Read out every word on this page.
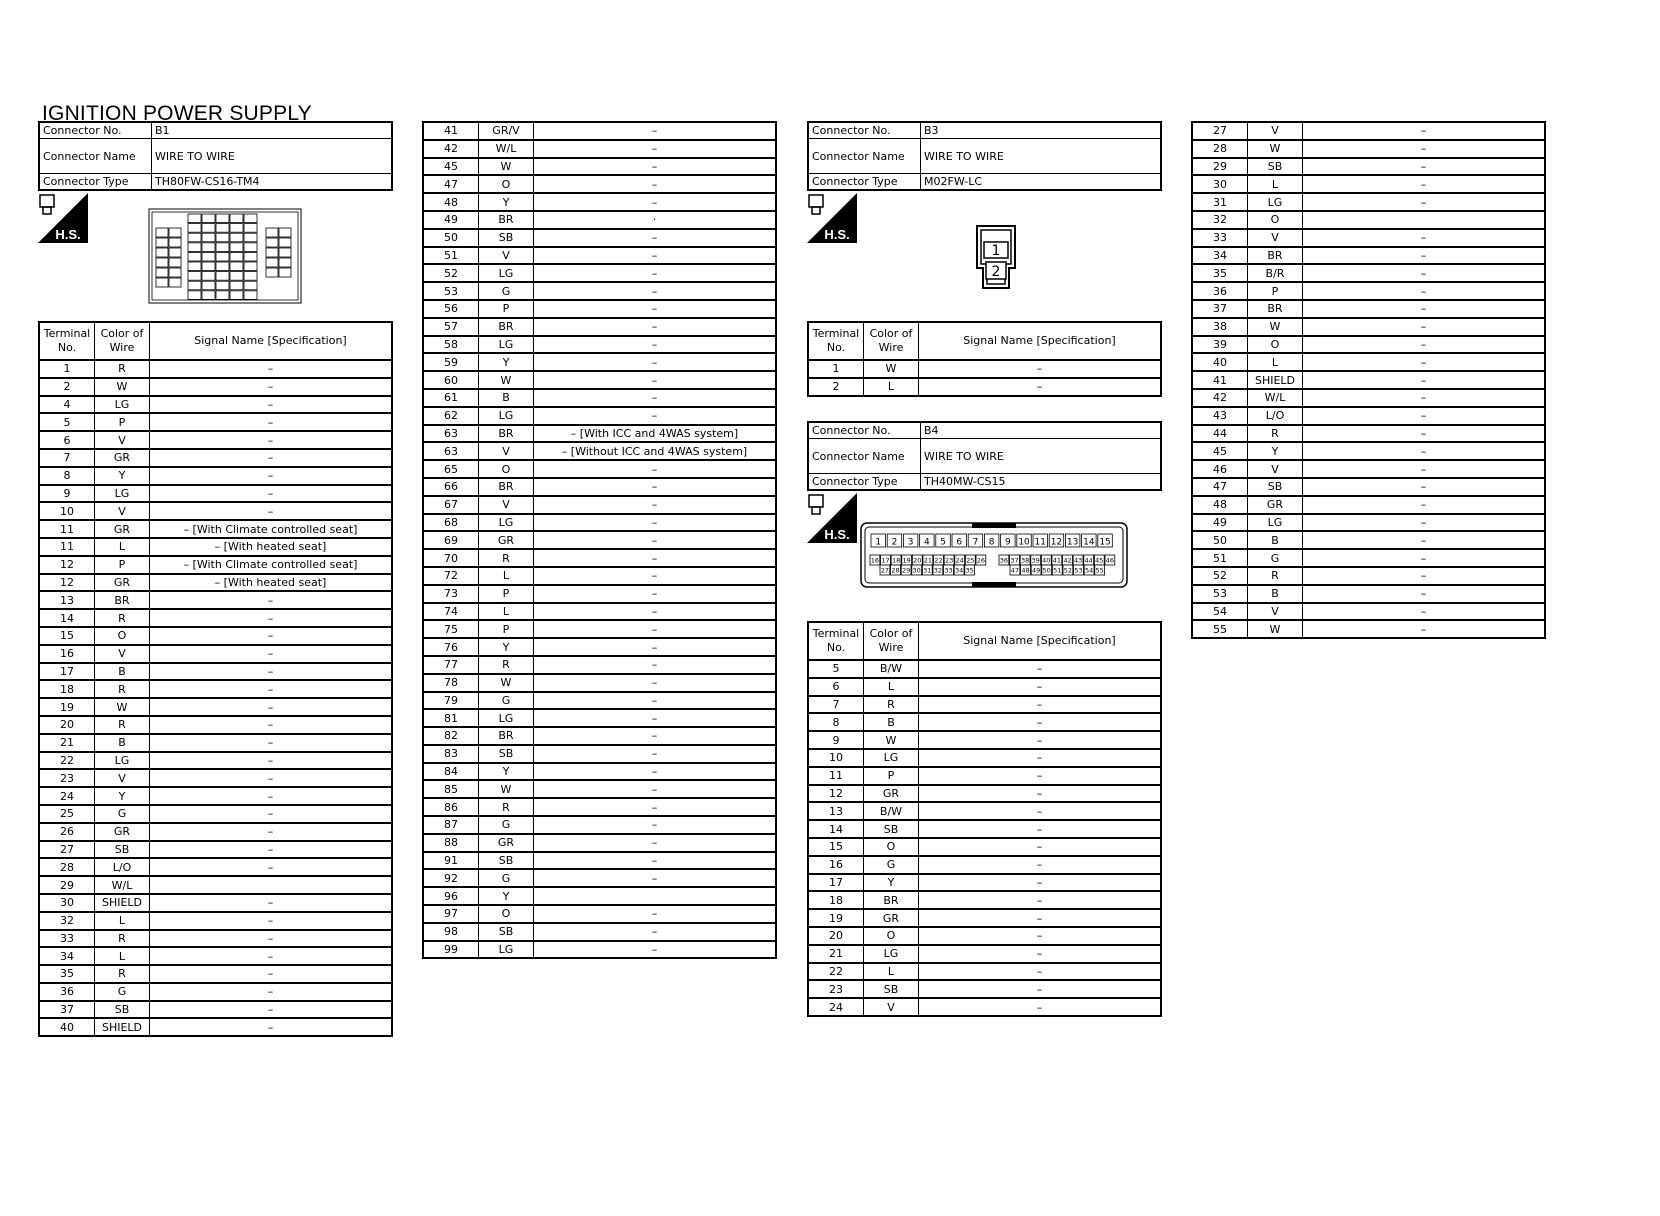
IGNITION POWER SUPPLY
Connector No.	B1
Connector Name	WIRE TO WIRE
Connector Type	TH80FW-CS16-TM4
Connector No.	B3
Connector Name	WIRE TO WIRE
Connector Type	M02FW-LC
Connector No.	B4
Connector Name	WIRE TO WIRE
Connector Type	TH40MW-CS15
H.S.	H.S.
H.S.
1
2
1 2 3 4 5 6 7 8 9 10 11 12 13 14 15
16 17 18 19 20 21 22 23 24 25 26 36 37 38 39 40 41 42 43 44 45 46
27 28 29 30 31 32 33 34 35	47 48 49 50 51 52 53 54 55
Terminal No.	Color of Wire	Signal Name [Specification]
1	R	–
2	W	–
4	LG	–
5	P	–
6	V	–
7	GR	–
8	Y	–
9	LG	–
10	V	–
11	GR	– [With Climate controlled seat]
11	L	– [With heated seat]
12	P	– [With Climate controlled seat]
12	GR	– [With heated seat]
13	BR	–
14	R	–
15	O	–
16	V	–
17	B	–
18	R	–
19	W	–
20	R	–
21	B	–
22	LG	–
23	V	–
24	Y	–
25	G	–
26	GR	–
27	SB	–
28	L/O	–
29	W/L	
30	SHIELD	–
32	L	–
33	R	–
34	L	–
35	R	–
36	G	–
37	SB	–
40	SHIELD	–
41	GR/V	–
42	W/L	–
45	W	–
47	O	–
48	Y	–
49	BR	·
50	SB	–
51	V	–
52	LG	–
53	G	–
56	P	–
57	BR	–
58	LG	–
59	Y	–
60	W	–
61	B	–
62	LG	–
63	BR	– [With ICC and 4WAS system]
63	V	– [Without ICC and 4WAS system]
65	O	–
66	BR	–
67	V	–
68	LG	–
69	GR	–
70	R	–
72	L	–
73	P	–
74	L	–
75	P	–
76	Y	–
77	R	–
78	W	–
79	G	–
81	LG	–
82	BR	–
83	SB	–
84	Y	–
85	W	–
86	R	–
87	G	–
88	GR	–
91	SB	–
92	G	–
96	Y	
97	O	–
98	SB	–
99	LG	–
Terminal No.	Color of Wire	Signal Name [Specification]
1	W	–
2	L	–
Terminal No.	Color of Wire	Signal Name [Specification]
5	B/W	–
6	L	–
7	R	–
8	B	–
9	W	–
10	LG	–
11	P	–
12	GR	–
13	B/W	–
14	SB	–
15	O	–
16	G	–
17	Y	–
18	BR	–
19	GR	–
20	O	–
21	LG	–
22	L	–
23	SB	–
24	V	–
27	V	–
28	W	–
29	SB	–
30	L	–
31	LG	–
32	O	
33	V	–
34	BR	–
35	B/R	–
36	P	–
37	BR	–
38	W	–
39	O	–
40	L	–
41	SHIELD	–
42	W/L	–
43	L/O	–
44	R	–
45	Y	–
46	V	–
47	SB	–
48	GR	–
49	LG	–
50	B	–
51	G	–
52	R	–
53	B	–
54	V	–
55	W	–
